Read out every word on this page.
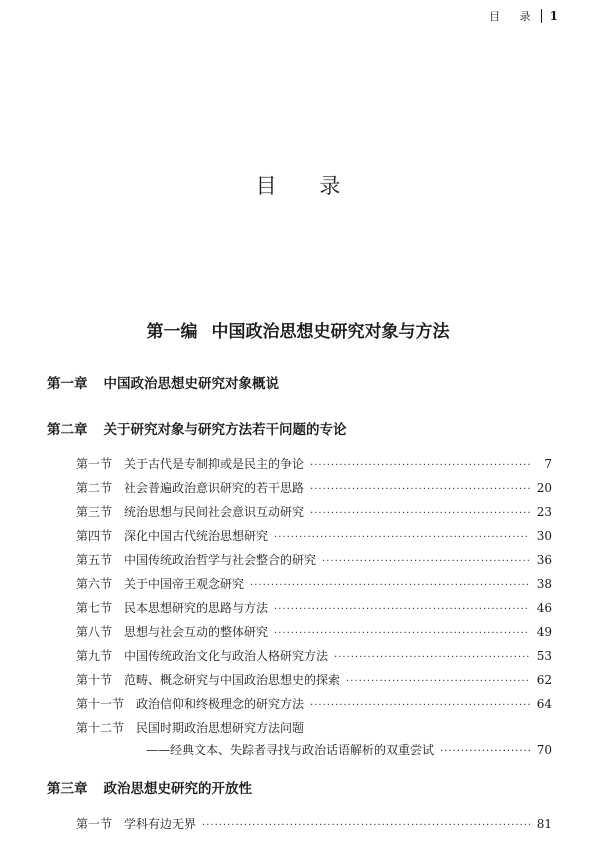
目 录 1
目 录
第一编 中国政治思想史研究对象与方法
第一章 中国政治思想史研究对象概说
第二章 关于研究对象与研究方法若干问题的专论
第一节 关于古代是专制抑或是民主的争论 ·····	7
第二节 社会普遍政治意识研究的若干思路 ·····	20
第三节 统治思想与民间社会意识互动研究 ·····	23
第四节 深化中国古代统治思想研究 ·····	30
第五节 中国传统政治哲学与社会整合的研究 ·····	36
第六节 关于中国帝王观念研究 ·····	38
第七节 民本思想研究的思路与方法 ·····	46
第八节 思想与社会互动的整体研究 ·····	49
第九节 中国传统政治文化与政治人格研究方法 ·····	53
第十节 范畴、概念研究与中国政治思想史的探索 ·····	62
第十一节 政治信仰和终极理念的研究方法 ·····	64
第十二节 民国时期政治思想研究方法问题
——经典文本、失踪者寻找与政治话语解析的双重尝试 ·····	70
第三章 政治思想史研究的开放性
第一节 学科有边无界 ·····	81
